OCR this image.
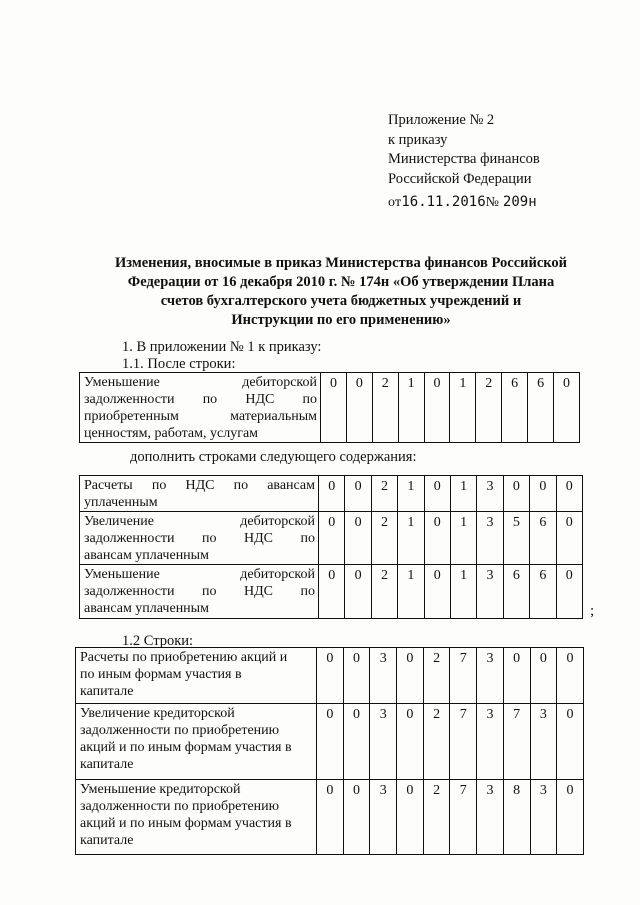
Приложение № 2
к приказу
Министерства финансов
Российской Федерации
от16.11.2016№ 209н
Изменения, вносимые в приказ Министерства финансов Российской
Федерации от 16 декабря 2010 г. № 174н «Об утверждении Плана
счетов бухгалтерского учета бюджетных учреждений и
Инструкции по его применению»
1. В приложении № 1 к приказу:
1.1. После строки:
Уменьшение дебиторской
задолженности по НДС по
приобретенным материальным
ценностям, работам, услугам
	0	0	2	1	0	1	2	6	6	0
дополнить строками следующего содержания:
Расчеты по НДС по авансам
уплаченным	0	0	2	1	0	1	3	0	0	0

Увеличение дебиторской
задолженности по НДС по
авансам уплаченным	0	0	2	1	0	1	3	5	6	0

Уменьшение дебиторской
задолженности по НДС по
авансам уплаченным	0	0	2	1	0	1	3	6	6	0
;
1.2 Строки:
Расчеты по приобретению акций и
по иным формам участия в
капитале	0	0	3	0	2	7	3	0	0	0

Увеличение кредиторской
задолженности по приобретению
акций и по иным формам участия в
капитале	0	0	3	0	2	7	3	7	3	0

Уменьшение кредиторской
задолженности по приобретению
акций и по иным формам участия в
капитале	0	0	3	0	2	7	3	8	3	0
